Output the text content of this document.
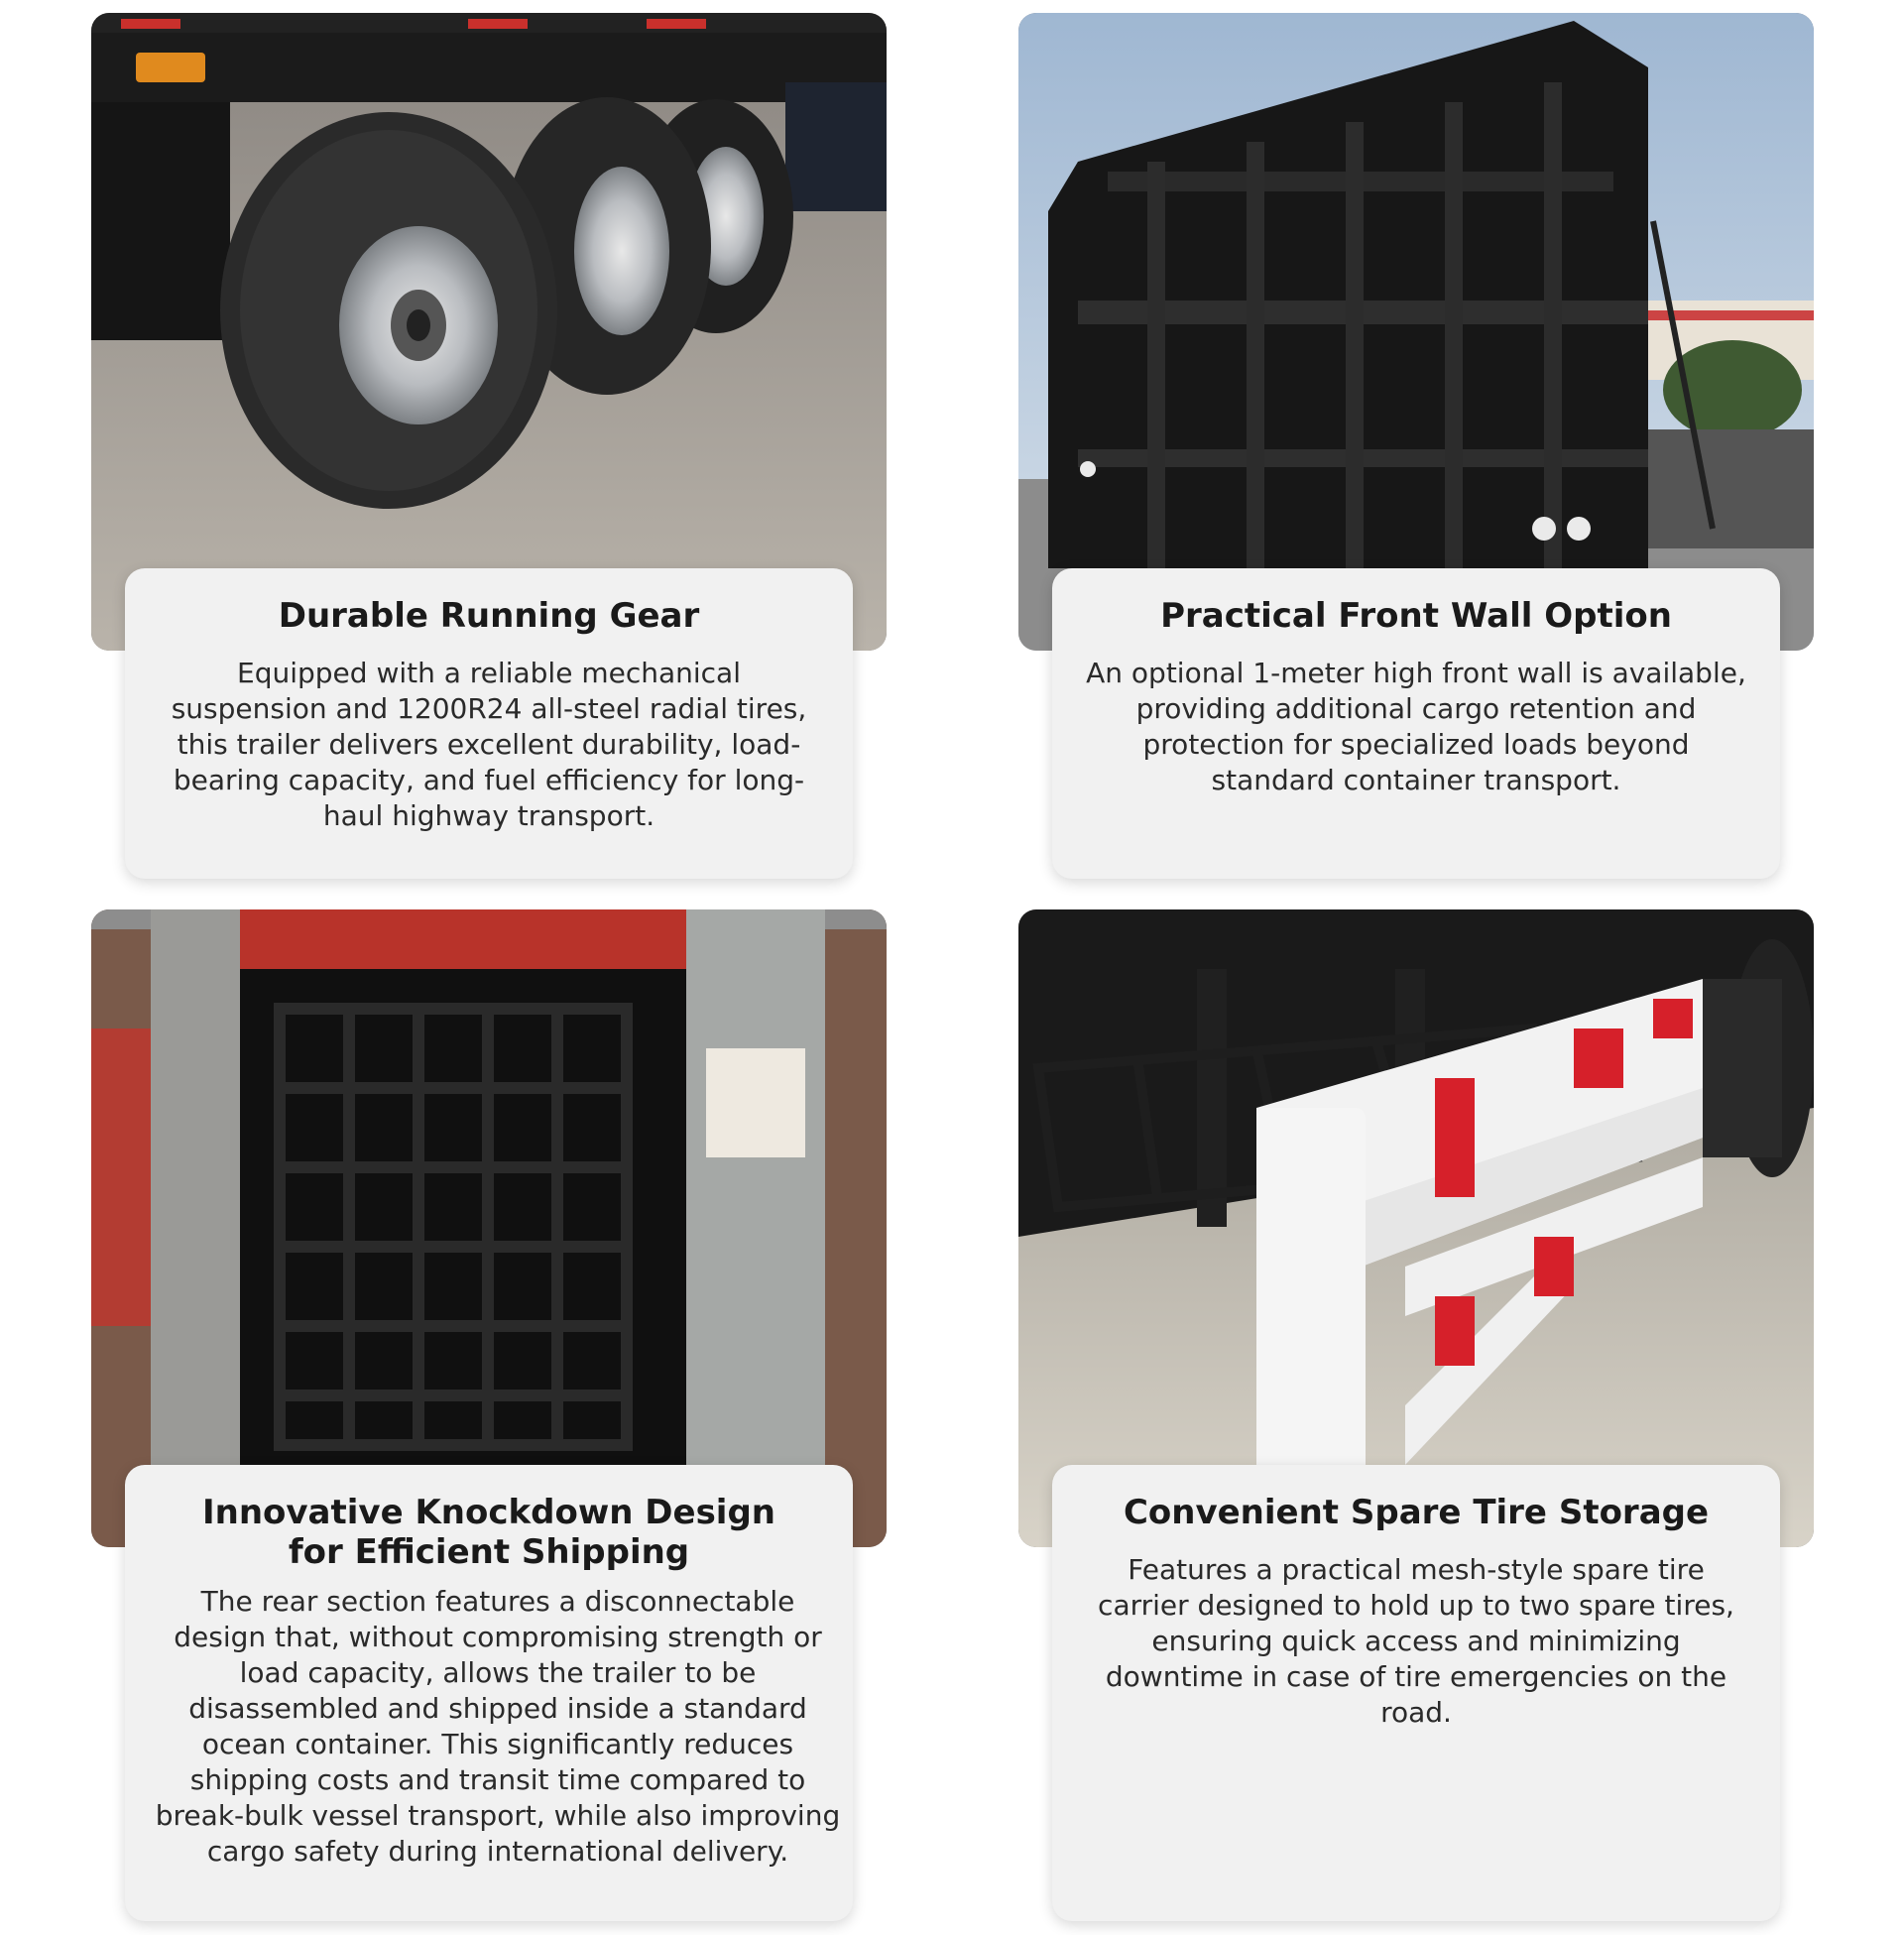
Durable Running Gear

Equipped with a reliable mechanical suspension and 1200R24 all-steel radial tires, this trailer delivers excellent durability, load-bearing capacity, and fuel efficiency for long-haul highway transport.

Practical Front Wall Option

An optional 1-meter high front wall is available, providing additional cargo retention and protection for specialized loads beyond standard container transport.

Innovative Knockdown Design
for Efficient Shipping

The rear section features a disconnectable design that, without compromising strength or load capacity, allows the trailer to be disassembled and shipped inside a standard ocean container. This significantly reduces shipping costs and transit time compared to break-bulk vessel transport, while also improving cargo safety during international delivery.

Convenient Spare Tire Storage

Features a practical mesh-style spare tire carrier designed to hold up to two spare tires, ensuring quick access and minimizing downtime in case of tire emergencies on the road.
